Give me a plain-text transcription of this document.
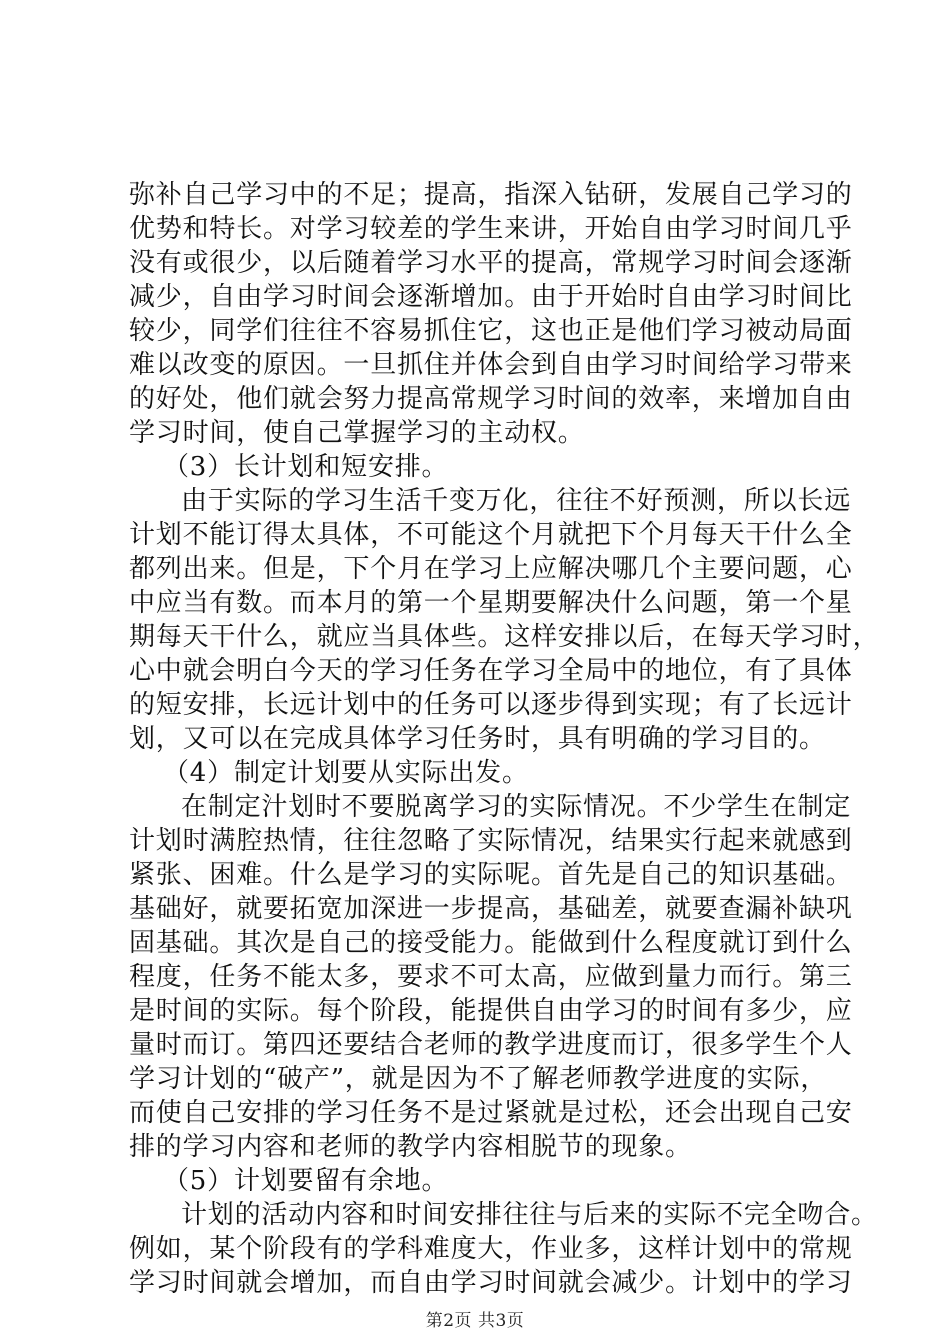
弥补自己学习中的不足；提高，指深入钻研，发展自己学习的
优势和特长。对学习较差的学生来讲，开始自由学习时间几乎
没有或很少，以后随着学习水平的提高，常规学习时间会逐渐
减少，自由学习时间会逐渐增加。由于开始时自由学习时间比
较少，同学们往往不容易抓住它，这也正是他们学习被动局面
难以改变的原因。一旦抓住并体会到自由学习时间给学习带来
的好处，他们就会努力提高常规学习时间的效率，来增加自由
学习时间，使自己掌握学习的主动权。
（3）长计划和短安排。
由于实际的学习生活千变万化，往往不好预测，所以长远
计划不能订得太具体，不可能这个月就把下个月每天干什么全
都列出来。但是，下个月在学习上应解决哪几个主要问题，心
中应当有数。而本月的第一个星期要解决什么问题，第一个星
期每天干什么，就应当具体些。这样安排以后，在每天学习时，
心中就会明白今天的学习任务在学习全局中的地位，有了具体
的短安排，长远计划中的任务可以逐步得到实现；有了长远计
划，又可以在完成具体学习任务时，具有明确的学习目的。
（4）制定计划要从实际出发。
在制定汁划时不要脱离学习的实际情况。不少学生在制定
计划时满腔热情，往往忽略了实际情况，结果实行起来就感到
紧张、困难。什么是学习的实际呢。首先是自己的知识基础。
基础好，就要拓宽加深进一步提高，基础差，就要查漏补缺巩
固基础。其次是自己的接受能力。能做到什么程度就订到什么
程度，任务不能太多，要求不可太高，应做到量力而行。第三
是时间的实际。每个阶段，能提供自由学习的时间有多少，应
量时而订。第四还要结合老师的教学进度而订，很多学生个人
学习计划的“破产”，就是因为不了解老师教学进度的实际，
而使自己安排的学习任务不是过紧就是过松，还会出现自己安
排的学习内容和老师的教学内容相脱节的现象。
（5）计划要留有余地。
计划的活动内容和时间安排往往与后来的实际不完全吻合。
例如，某个阶段有的学科难度大，作业多，这样计划中的常规
学习时间就会增加，而自由学习时间就会减少。计划中的学习
第2页 共3页
